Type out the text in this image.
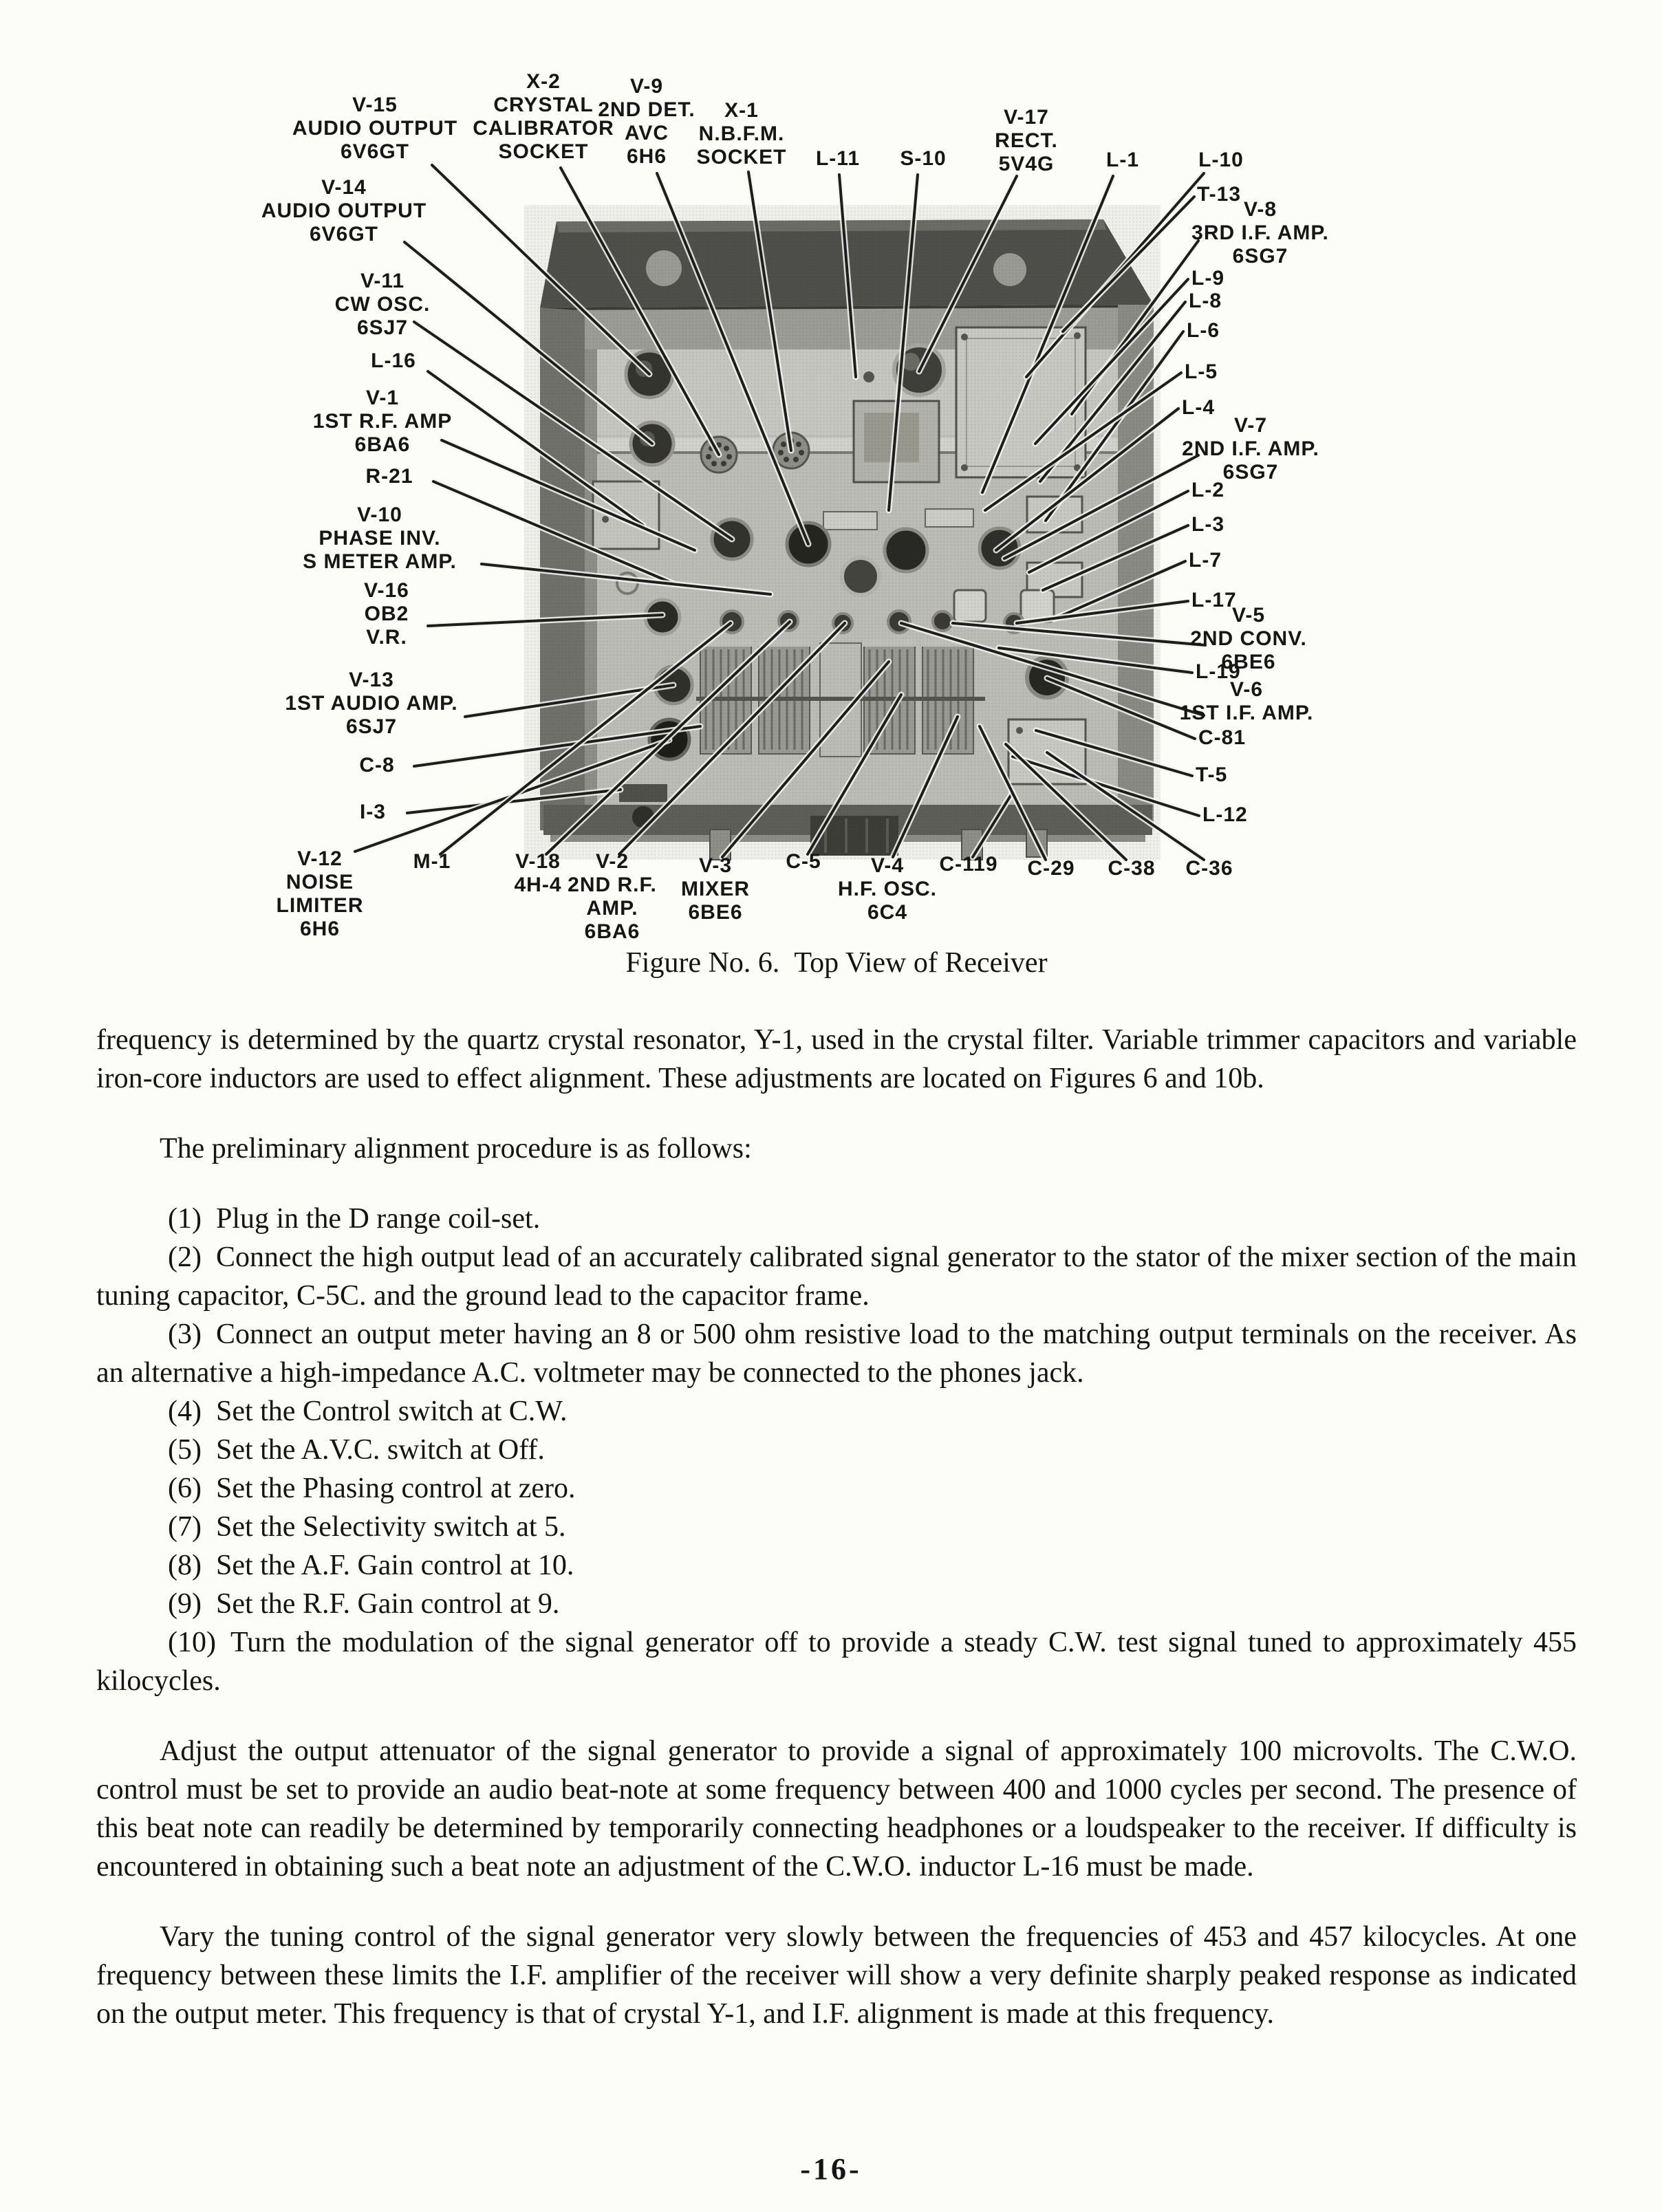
V-15 AUDIO OUTPUT 6V6GT
X-2 CRYSTAL CALIBRATOR SOCKET
V-9 2ND DET. AVC 6H6
X-1 N.B.F.M. SOCKET L-11 S-10
V-17 RECT. 5V4G	L-1	L-10
V-14 AUDIO OUTPUT 6V6GT
V-11 CW OSC. 6SJ7
L-16
V-1 1ST R.F. AMP 6BA6
R-21
V-10 PHASE INV. S METER AMP.
V-16 OB2 V.R.
V-13 1ST AUDIO AMP. 6SJ7
C-8
I-3
T-13
V-8 3RD I.F. AMP. 6SG7
L-9
L-8
L-6
L-5
L-4
V-7 2ND I.F. AMP. 6SG7
L-2
L-3
L-7
L-17
V-5 2ND CONV. 6BE6
L-19
V-6 1ST I.F. AMP.
C-81
T-5
L-12
V-12 NOISE LIMITER 6H6
M-1	V-18 4H-4
V-2 2ND R.F. AMP. 6BA6
V-3 MIXER 6BE6
C-5	V-4 H.F. OSC. 6C4
C-119 C-29 C-38 C-36

Figure No. 6. Top View of Receiver

frequency is determined by the quartz crystal resonator, Y-1, used in the crystal filter. Variable trimmer capacitors and variable iron-core inductors are used to effect alignment. These adjustments are located on Figures 6 and 10b.

The preliminary alignment procedure is as follows:

(1) Plug in the D range coil-set.

(2) Connect the high output lead of an accurately calibrated signal generator to the stator of the mixer section of the main tuning capacitor, C-5C. and the ground lead to the capacitor frame.

(3) Connect an output meter having an 8 or 500 ohm resistive load to the matching output terminals on the receiver. As an alternative a high-impedance A.C. voltmeter may be connected to the phones jack.

(4) Set the Control switch at C.W.

(5) Set the A.V.C. switch at Off.

(6) Set the Phasing control at zero.

(7) Set the Selectivity switch at 5.

(8) Set the A.F. Gain control at 10.

(9) Set the R.F. Gain control at 9.

(10) Turn the modulation of the signal generator off to provide a steady C.W. test signal tuned to approximately 455 kilocycles.

Adjust the output attenuator of the signal generator to provide a signal of approximately 100 microvolts. The C.W.O. control must be set to provide an audio beat-note at some frequency between 400 and 1000 cycles per second. The presence of this beat note can readily be determined by temporarily connecting headphones or a loudspeaker to the receiver. If difficulty is encountered in obtaining such a beat note an adjustment of the C.W.O. inductor L-16 must be made.

Vary the tuning control of the signal generator very slowly between the frequencies of 453 and 457 kilocycles. At one frequency between these limits the I.F. amplifier of the receiver will show a very definite sharply peaked response as indicated on the output meter. This frequency is that of crystal Y-1, and I.F. alignment is made at this frequency.

-16-
